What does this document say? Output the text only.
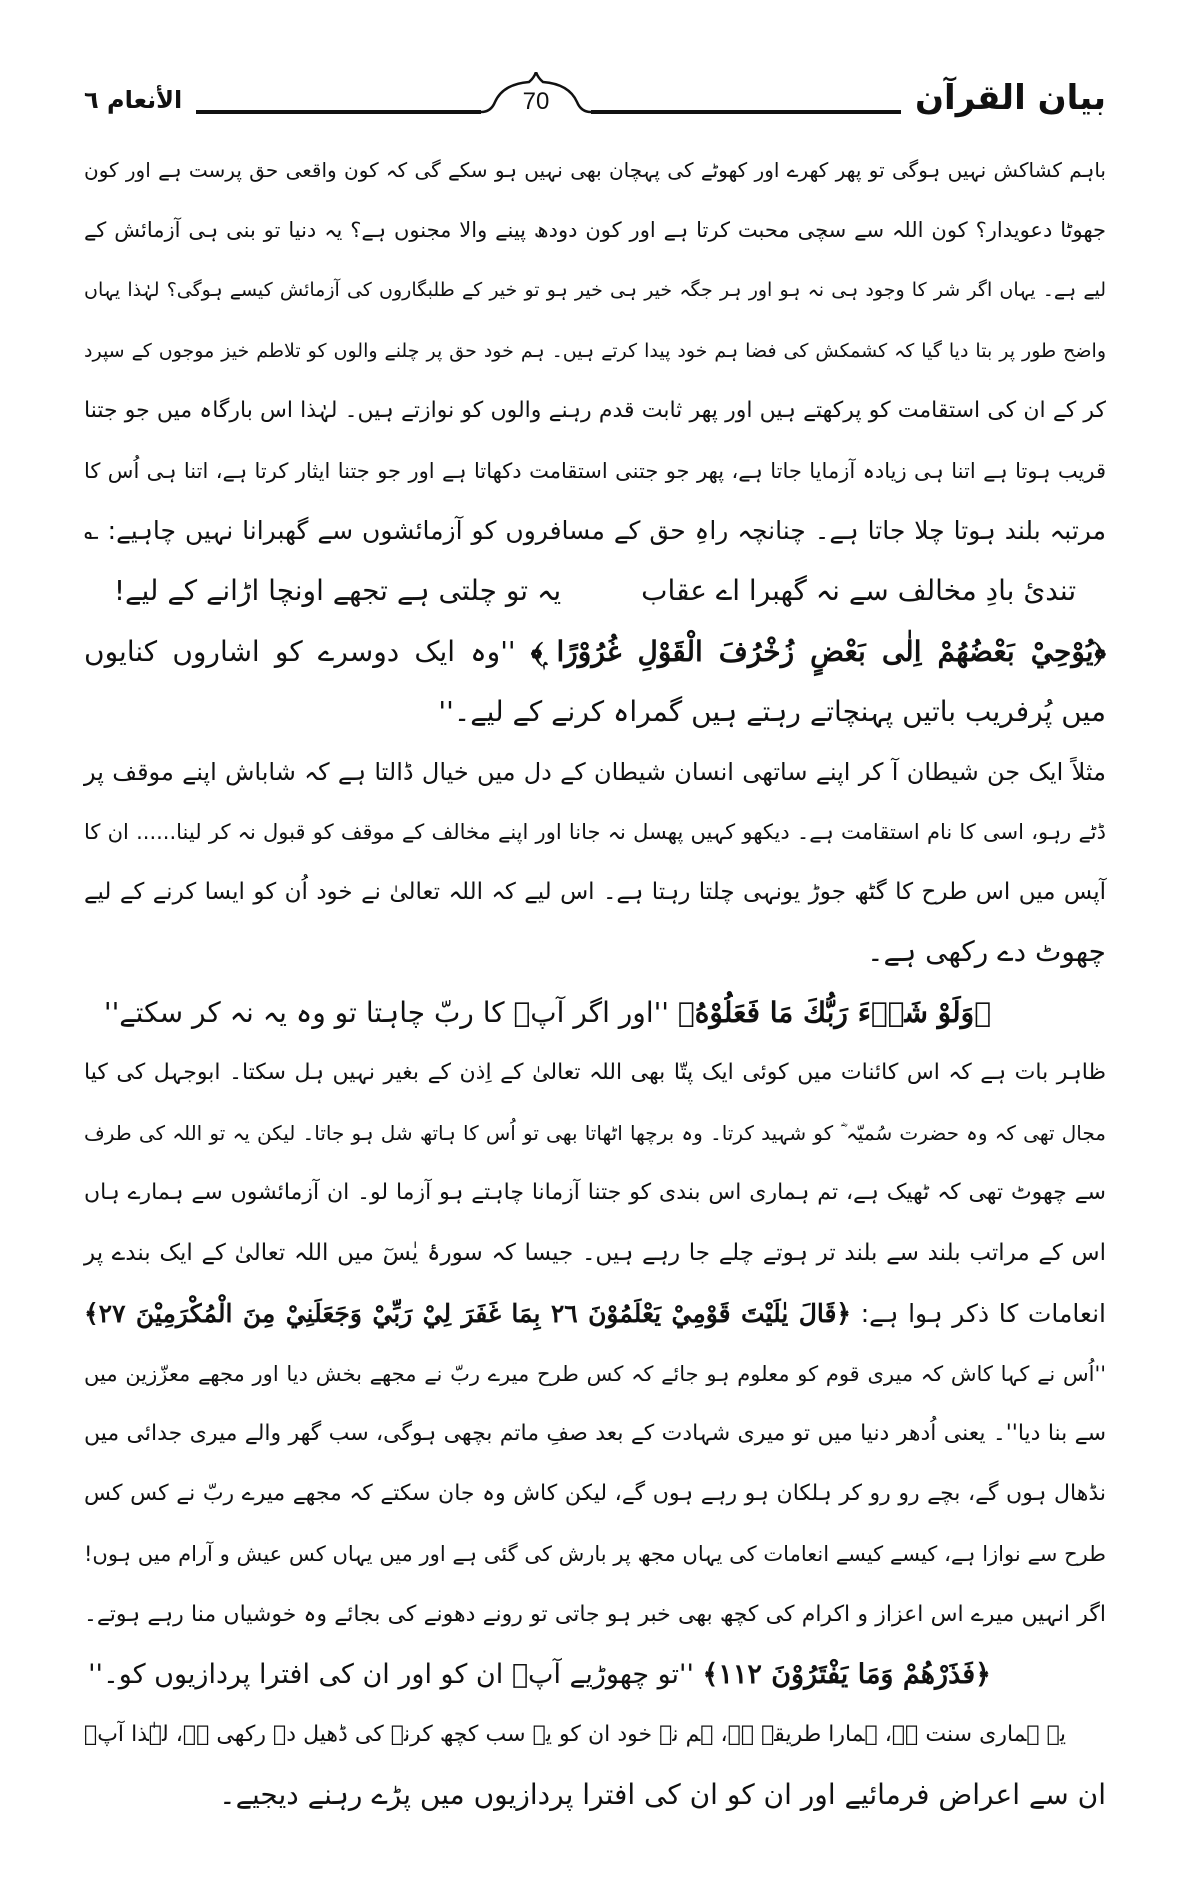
بیان القرآن
70
الأنعام ٦
باہم کشاکش نہیں ہوگی تو پھر کھرے اور کھوٹے کی پہچان بھی نہیں ہو سکے گی کہ کون واقعی حق پرست ہے اور کون
جھوٹا دعویدار؟ کون اللہ سے سچی محبت کرتا ہے اور کون دودھ پینے والا مجنوں ہے؟ یہ دنیا تو بنی ہی آزمائش کے
لیے ہے۔ یہاں اگر شر کا وجود ہی نہ ہو اور ہر جگہ خیر ہی خیر ہو تو خیر کے طلبگاروں کی آزمائش کیسے ہوگی؟ لہٰذا یہاں
واضح طور پر بتا دیا گیا کہ کشمکش کی فضا ہم خود پیدا کرتے ہیں۔ ہم خود حق پر چلنے والوں کو تلاطم خیز موجوں کے سپرد
کر کے ان کی استقامت کو پرکھتے ہیں اور پھر ثابت قدم رہنے والوں کو نوازتے ہیں۔ لہٰذا اس بارگاہ میں جو جتنا
قریب ہوتا ہے اتنا ہی زیادہ آزمایا جاتا ہے، پھر جو جتنی استقامت دکھاتا ہے اور جو جتنا ایثار کرتا ہے، اتنا ہی اُس کا
مرتبہ بلند ہوتا چلا جاتا ہے۔ چنانچہ راہِ حق کے مسافروں کو آزمائشوں سے گھبرانا نہیں چاہیے: ؎
تندیٔ بادِ مخالف سے نہ گھبرا اے عقاب
یہ تو چلتی ہے تجھے اونچا اڑانے کے لیے!
﴿يُوْحِيْ بَعْضُهُمْ اِلٰى بَعْضٍ زُخْرُفَ الْقَوْلِ غُرُوْرًا ۭ﴾ ''وہ ایک دوسرے کو اشاروں کنایوں
میں پُرفریب باتیں پہنچاتے رہتے ہیں گمراہ کرنے کے لیے۔''
مثلاً ایک جن شیطان آ کر اپنے ساتھی انسان شیطان کے دل میں خیال ڈالتا ہے کہ شاباش اپنے موقف پر
ڈٹے رہو، اسی کا نام استقامت ہے۔ دیکھو کہیں پھسل نہ جانا اور اپنے مخالف کے موقف کو قبول نہ کر لینا...... ان کا
آپس میں اس طرح کا گٹھ جوڑ یونہی چلتا رہتا ہے۔ اس لیے کہ اللہ تعالیٰ نے خود اُن کو ایسا کرنے کے لیے
چھوٹ دے رکھی ہے۔
﴿وَلَوْ شَاۗءَ رَبُّكَ مَا فَعَلُوْهُ﴾ ''اور اگر آپؐ کا ربّ چاہتا تو وہ یہ نہ کر سکتے''
ظاہر بات ہے کہ اس کائنات میں کوئی ایک پتّا بھی اللہ تعالیٰ کے اِذن کے بغیر نہیں ہل سکتا۔ ابوجہل کی کیا
مجال تھی کہ وہ حضرت سُمیّہ ؓ کو شہید کرتا۔ وہ برچھا اٹھاتا بھی تو اُس کا ہاتھ شل ہو جاتا۔ لیکن یہ تو اللہ کی طرف
سے چھوٹ تھی کہ ٹھیک ہے، تم ہماری اس بندی کو جتنا آزمانا چاہتے ہو آزما لو۔ ان آزمائشوں سے ہمارے ہاں
اس کے مراتب بلند سے بلند تر ہوتے چلے جا رہے ہیں۔ جیسا کہ سورۂ یٰسٓ میں اللہ تعالیٰ کے ایک بندے پر
انعامات کا ذکر ہوا ہے: ﴿قَالَ يٰلَيْتَ قَوْمِيْ يَعْلَمُوْنَ ٢٦ بِمَا غَفَرَ لِيْ رَبِّيْ وَجَعَلَنِيْ مِنَ الْمُكْرَمِيْنَ ٢٧﴾
''اُس نے کہا کاش کہ میری قوم کو معلوم ہو جائے کہ کس طرح میرے ربّ نے مجھے بخش دیا اور مجھے معزّزین میں
سے بنا دیا''۔ یعنی اُدھر دنیا میں تو میری شہادت کے بعد صفِ ماتم بچھی ہوگی، سب گھر والے میری جدائی میں
نڈھال ہوں گے، بچے رو رو کر ہلکان ہو رہے ہوں گے، لیکن کاش وہ جان سکتے کہ مجھے میرے ربّ نے کس کس
طرح سے نوازا ہے، کیسے کیسے انعامات کی یہاں مجھ پر بارش کی گئی ہے اور میں یہاں کس عیش و آرام میں ہوں!
اگر انہیں میرے اس اعزاز و اکرام کی کچھ بھی خبر ہو جاتی تو رونے دھونے کی بجائے وہ خوشیاں منا رہے ہوتے۔
﴿فَذَرْهُمْ وَمَا يَفْتَرُوْنَ ١١٢﴾ ''تو چھوڑیے آپؐ ان کو اور ان کی افترا پردازیوں کو۔''
یہ ہماری سنت ہے، ہمارا طریقہ ہے، ہم نے خود ان کو یہ سب کچھ کرنے کی ڈھیل دے رکھی ہے، لہٰذا آپؐ
ان سے اعراض فرمائیے اور ان کو ان کی افترا پردازیوں میں پڑے رہنے دیجیے۔
